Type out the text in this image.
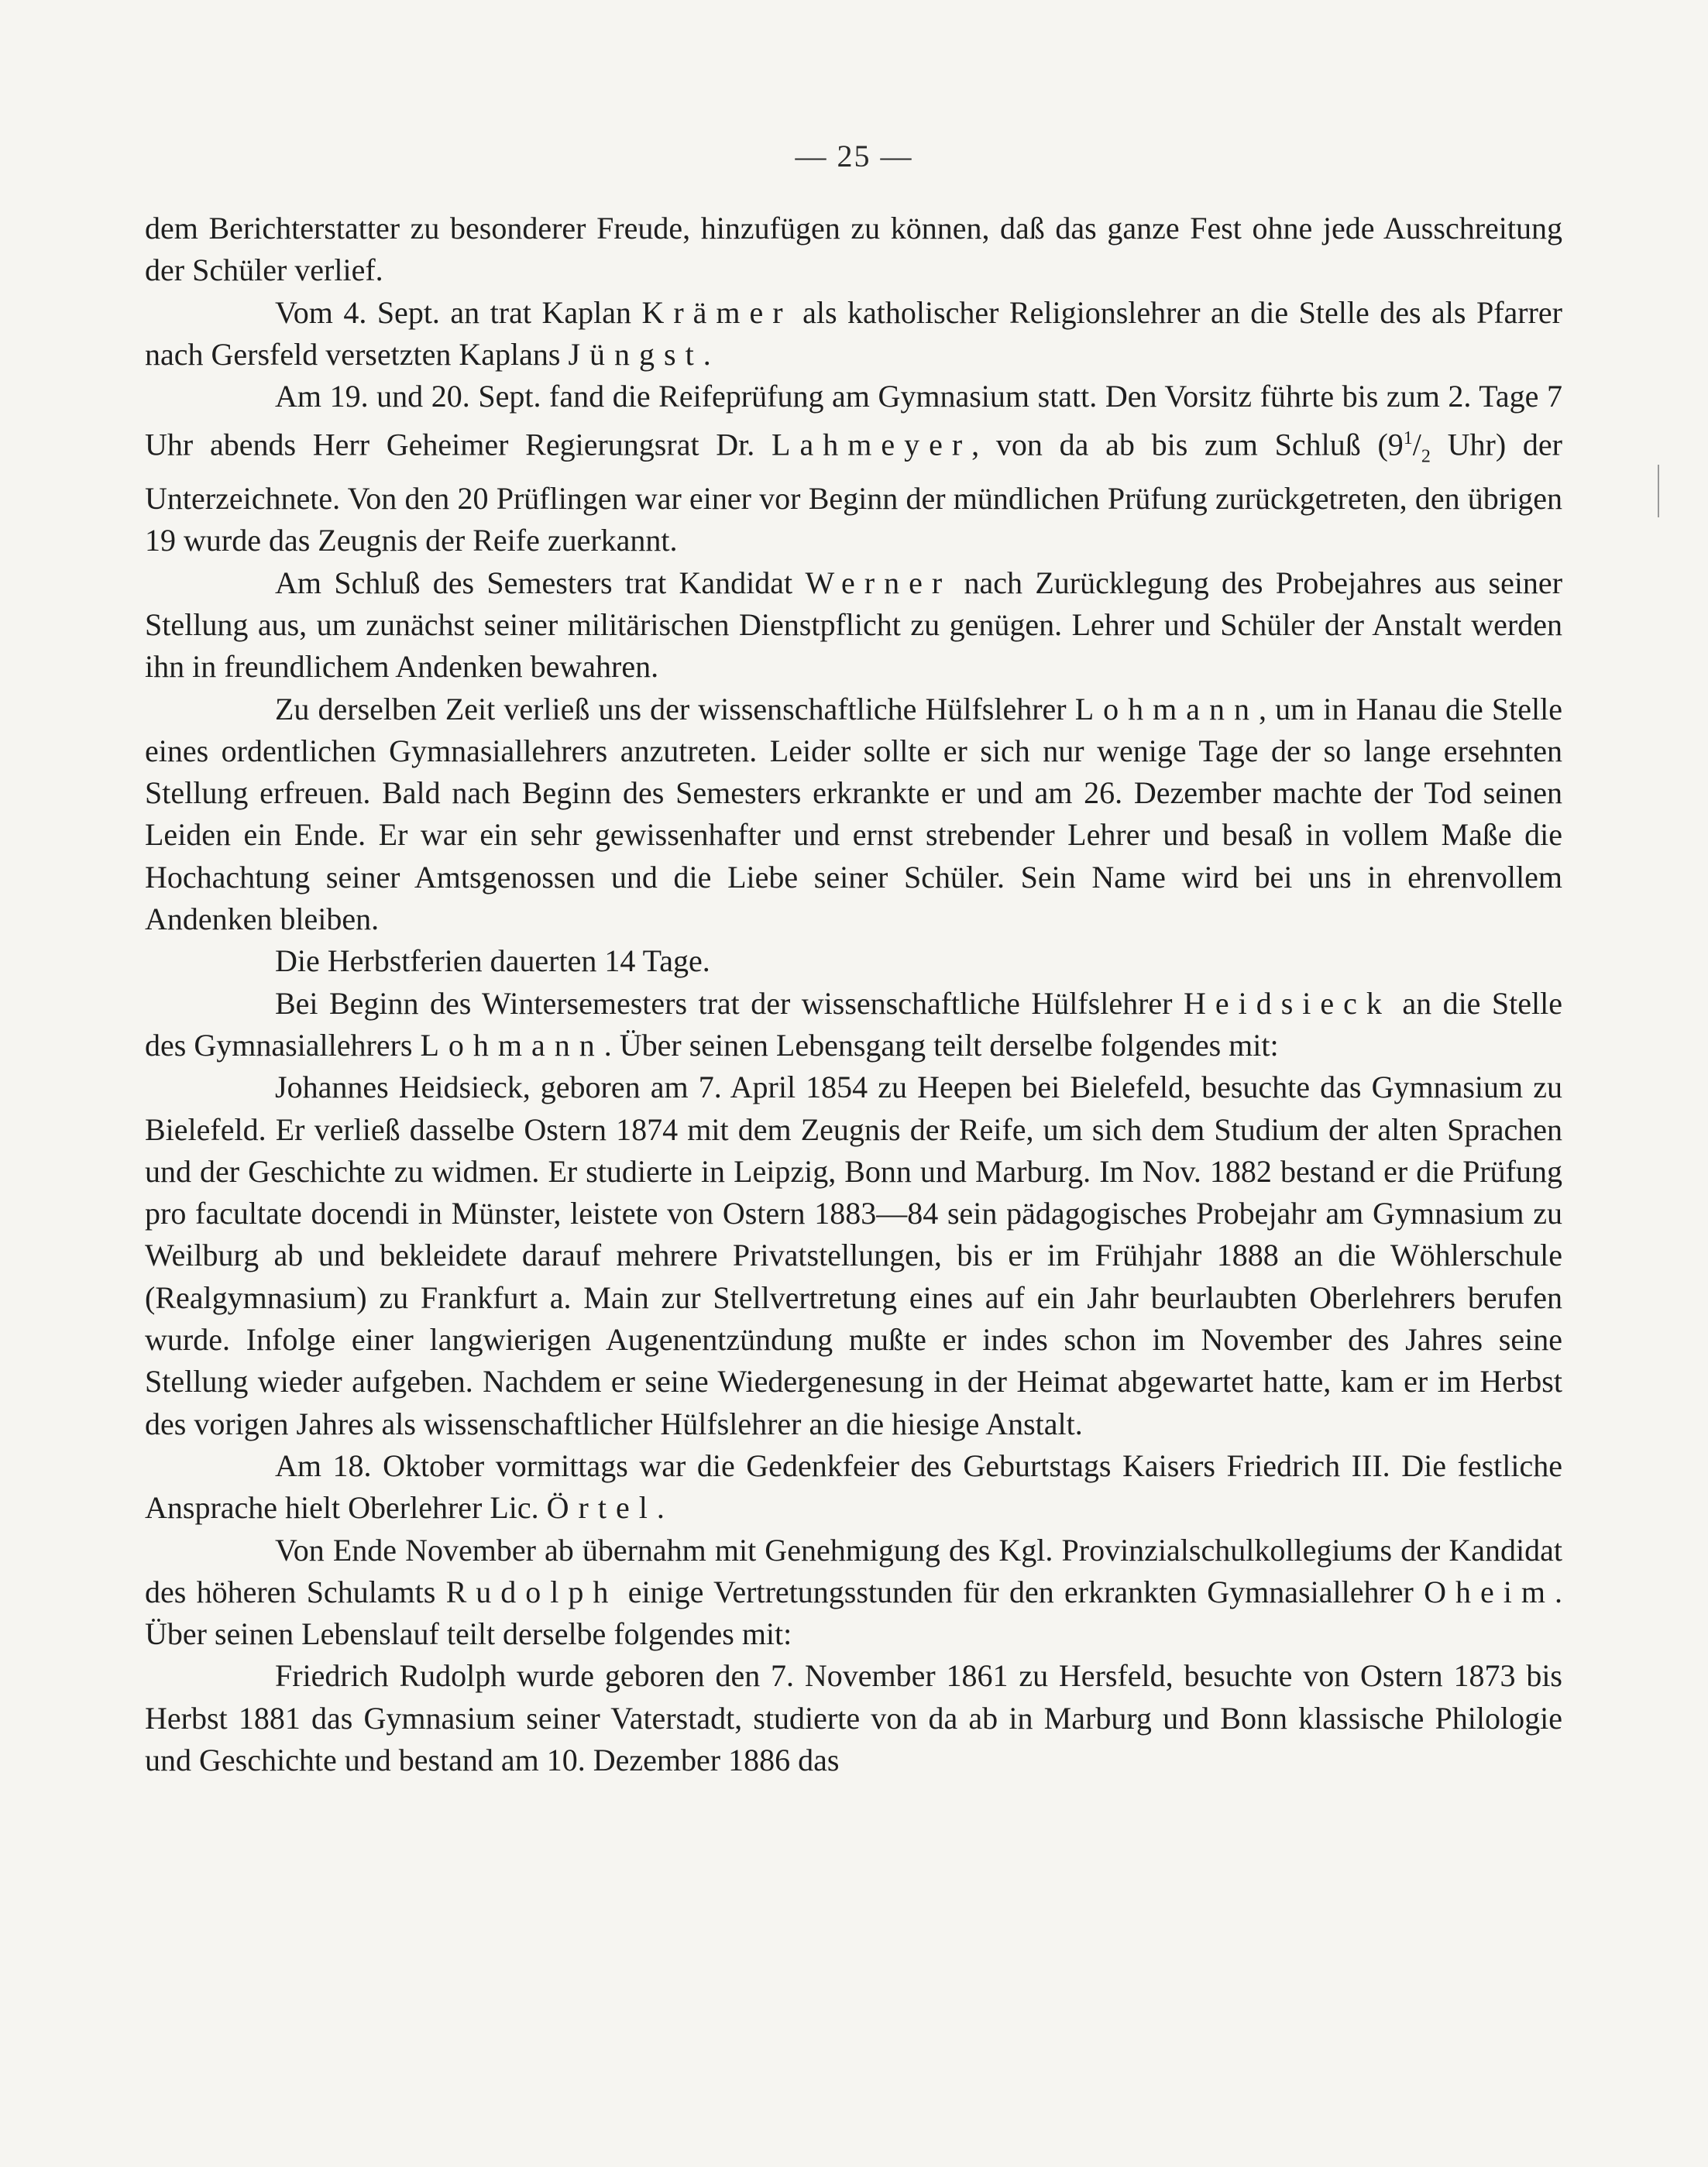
— 25 —

dem Berichterstatter zu besonderer Freude, hinzufügen zu können, daß das ganze Fest ohne jede Ausschreitung der Schüler verlief.

Vom 4. Sept. an trat Kaplan Krämer als katholischer Religionslehrer an die Stelle des als Pfarrer nach Gersfeld versetzten Kaplans Jüngst.

Am 19. und 20. Sept. fand die Reifeprüfung am Gymnasium statt. Den Vorsitz führte bis zum 2. Tage 7 Uhr abends Herr Geheimer Regierungsrat Dr. Lahmeyer, von da ab bis zum Schluß ($9^1/_2$ Uhr) der Unterzeichnete. Von den 20 Prüflingen war einer vor Beginn der mündlichen Prüfung zurückgetreten, den übrigen 19 wurde das Zeugnis der Reife zuerkannt.

Am Schluß des Semesters trat Kandidat Werner nach Zurücklegung des Probejahres aus seiner Stellung aus, um zunächst seiner militärischen Dienstpflicht zu genügen. Lehrer und Schüler der Anstalt werden ihn in freundlichem Andenken bewahren.

Zu derselben Zeit verließ uns der wissenschaftliche Hülfslehrer Lohmann, um in Hanau die Stelle eines ordentlichen Gymnasiallehrers anzutreten. Leider sollte er sich nur wenige Tage der so lange ersehnten Stellung erfreuen. Bald nach Beginn des Semesters erkrankte er und am 26. Dezember machte der Tod seinen Leiden ein Ende. Er war ein sehr gewissenhafter und ernst strebender Lehrer und besaß in vollem Maße die Hochachtung seiner Amtsgenossen und die Liebe seiner Schüler. Sein Name wird bei uns in ehrenvollem Andenken bleiben.

Die Herbstferien dauerten 14 Tage.

Bei Beginn des Wintersemesters trat der wissenschaftliche Hülfslehrer Heidsieck an die Stelle des Gymnasiallehrers Lohmann. Über seinen Lebensgang teilt derselbe folgendes mit:

Johannes Heidsieck, geboren am 7. April 1854 zu Heepen bei Bielefeld, besuchte das Gymnasium zu Bielefeld. Er verließ dasselbe Ostern 1874 mit dem Zeugnis der Reife, um sich dem Studium der alten Sprachen und der Geschichte zu widmen. Er studierte in Leipzig, Bonn und Marburg. Im Nov. 1882 bestand er die Prüfung pro facultate docendi in Münster, leistete von Ostern 1883—84 sein pädagogisches Probejahr am Gymnasium zu Weilburg ab und bekleidete darauf mehrere Privatstellungen, bis er im Frühjahr 1888 an die Wöhlerschule (Realgymnasium) zu Frankfurt a. Main zur Stellvertretung eines auf ein Jahr beurlaubten Oberlehrers berufen wurde. Infolge einer langwierigen Augenentzündung mußte er indes schon im November des Jahres seine Stellung wieder aufgeben. Nachdem er seine Wiedergenesung in der Heimat abgewartet hatte, kam er im Herbst des vorigen Jahres als wissenschaftlicher Hülfslehrer an die hiesige Anstalt.

Am 18. Oktober vormittags war die Gedenkfeier des Geburtstags Kaisers Friedrich III. Die festliche Ansprache hielt Oberlehrer Lic. Örtel.

Von Ende November ab übernahm mit Genehmigung des Kgl. Provinzialschulkollegiums der Kandidat des höheren Schulamts Rudolph einige Vertretungsstunden für den erkrankten Gymnasiallehrer Oheim. Über seinen Lebenslauf teilt derselbe folgendes mit:

Friedrich Rudolph wurde geboren den 7. November 1861 zu Hersfeld, besuchte von Ostern 1873 bis Herbst 1881 das Gymnasium seiner Vaterstadt, studierte von da ab in Marburg und Bonn klassische Philologie und Geschichte und bestand am 10. Dezember 1886 das
